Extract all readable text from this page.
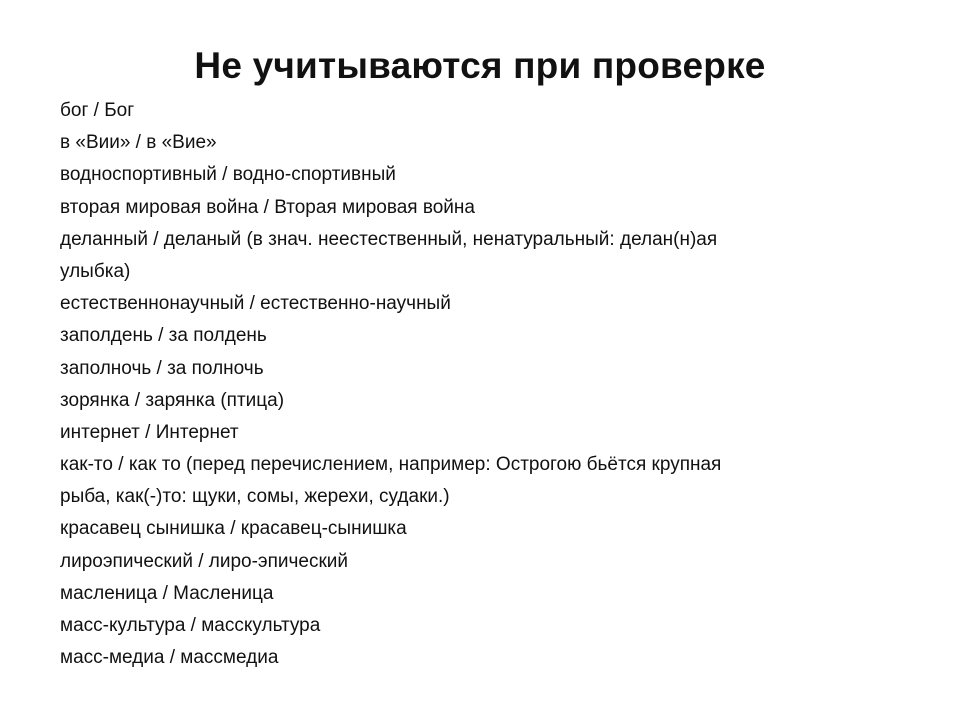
Не учитываются при проверке
бог / Бог
в «Вии» / в «Вие»
водноспортивный / водно-спортивный
вторая мировая война / Вторая мировая война
деланный / деланый (в знач. неестественный, ненатуральный: делан(н)ая
улыбка)
естественнонаучный / естественно-научный
заполдень / за полдень
заполночь / за полночь
зорянка / зарянка (птица)
интернет / Интернет
как-то / как то (перед перечислением, например: Острогою бьётся крупная
рыба, как(-)то: щуки, сомы, жерехи, судаки.)
красавец сынишка / красавец-сынишка
лироэпический / лиро-эпический
масленица / Масленица
масс-культура / масскультура
масс-медиа / массмедиа
